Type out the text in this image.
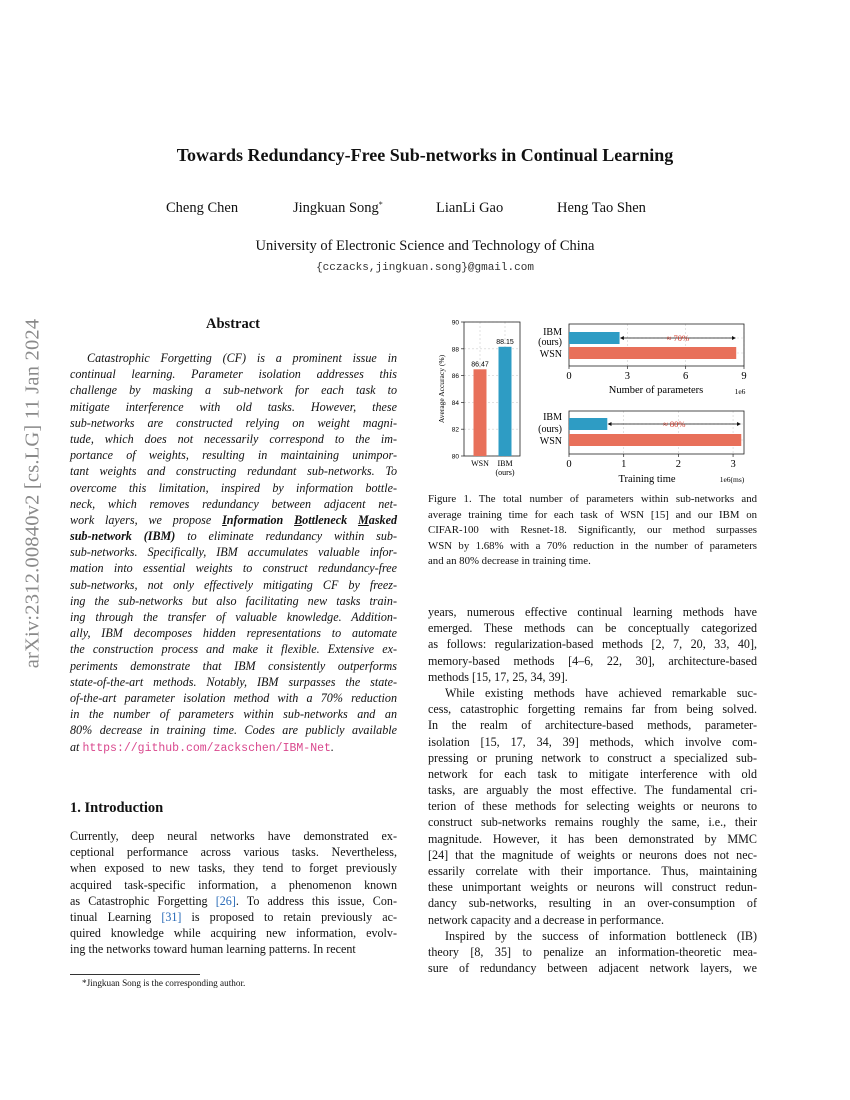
arXiv:2312.00840v2 [cs.LG] 11 Jan 2024
Towards Redundancy-Free Sub-networks in Continual Learning
Cheng Chen	Jingkuan Song*	LianLi Gao	Heng Tao Shen
University of Electronic Science and Technology of China
{cczacks,jingkuan.song}@gmail.com
Abstract
Catastrophic Forgetting (CF) is a prominent issue in
continual learning. Parameter isolation addresses this
challenge by masking a sub-network for each task to
mitigate interference with old tasks. However, these
sub-networks are constructed relying on weight magni-
tude, which does not necessarily correspond to the im-
portance of weights, resulting in maintaining unimpor-
tant weights and constructing redundant sub-networks. To
overcome this limitation, inspired by information bottle-
neck, which removes redundancy between adjacent net-
work layers, we propose Information Bottleneck Masked
sub-network (IBM) to eliminate redundancy within sub-
sub-networks. Specifically, IBM accumulates valuable infor-
mation into essential weights to construct redundancy-free
sub-networks, not only effectively mitigating CF by freez-
ing the sub-networks but also facilitating new tasks train-
ing through the transfer of valuable knowledge. Addition-
ally, IBM decomposes hidden representations to automate
the construction process and make it flexible. Extensive ex-
periments demonstrate that IBM consistently outperforms
state-of-the-art methods. Notably, IBM surpasses the state-
of-the-art parameter isolation method with a 70% reduction
in the number of parameters within sub-networks and an
80% decrease in training time. Codes are publicly available
at https://github.com/zackschen/IBM-Net.
1. Introduction
Currently, deep neural networks have demonstrated ex-
ceptional performance across various tasks. Nevertheless,
when exposed to new tasks, they tend to forget previously
acquired task-specific information, a phenomenon known
as Catastrophic Forgetting [26]. To address this issue, Con-
tinual Learning [31] is proposed to retain previously ac-
quired knowledge while acquiring new information, evolv-
ing the networks toward human learning patterns. In recent
*Jingkuan Song is the corresponding author.
80
82
84
86
88
90
86.47
88.15
WSN IBM
(ours)
Average Accuracy (%)
≈ 70%
IBM
(ours)
WSN
0	3	6	9
Number of parameters	1e6
≈ 80%
IBM
(ours)
WSN
0	1	2	3
Training time	1e6(ms)
Figure 1. The total number of parameters within sub-networks and
average training time for each task of WSN [15] and our IBM on
CIFAR-100 with Resnet-18. Significantly, our method surpasses
WSN by 1.68% with a 70% reduction in the number of parameters
and an 80% decrease in training time.
years, numerous effective continual learning methods have
emerged. These methods can be conceptually categorized
as follows: regularization-based methods [2, 7, 20, 33, 40],
memory-based methods [4–6, 22, 30], architecture-based
methods [15, 17, 25, 34, 39].
While existing methods have achieved remarkable suc-
cess, catastrophic forgetting remains far from being solved.
In the realm of architecture-based methods, parameter-
isolation [15, 17, 34, 39] methods, which involve com-
pressing or pruning network to construct a specialized sub-
network for each task to mitigate interference with old
tasks, are arguably the most effective. The fundamental cri-
terion of these methods for selecting weights or neurons to
construct sub-networks remains roughly the same, i.e., their
magnitude. However, it has been demonstrated by MMC
[24] that the magnitude of weights or neurons does not nec-
essarily correlate with their importance. Thus, maintaining
these unimportant weights or neurons will construct redun-
dancy sub-networks, resulting in an over-consumption of
network capacity and a decrease in performance.
Inspired by the success of information bottleneck (IB)
theory [8, 35] to penalize an information-theoretic mea-
sure of redundancy between adjacent network layers, we
